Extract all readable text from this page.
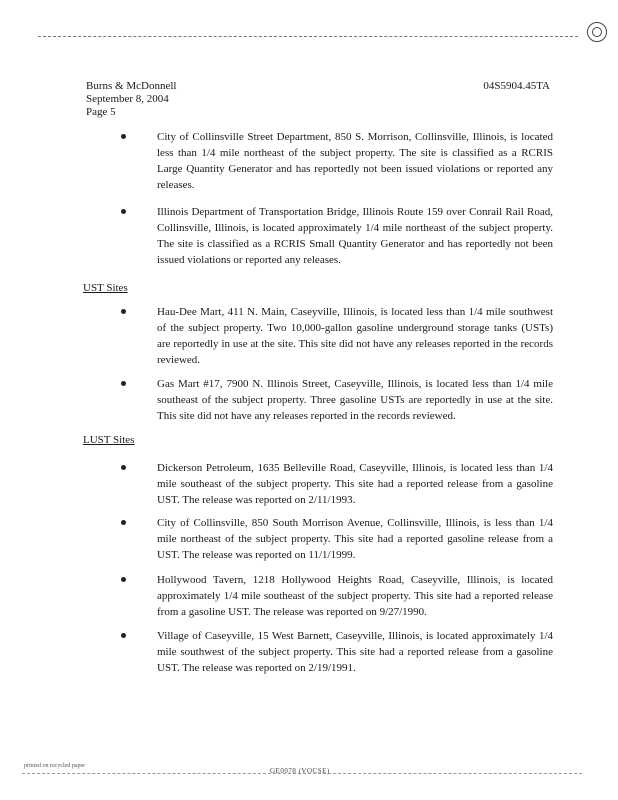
Burns & McDonnell
September 8, 2004
Page 5
04S5904.45TA
City of Collinsville Street Department, 850 S. Morrison, Collinsville, Illinois, is located less than 1/4 mile northeast of the subject property. The site is classified as a RCRIS Large Quantity Generator and has reportedly not been issued violations or reported any releases.
Illinois Department of Transportation Bridge, Illinois Route 159 over Conrail Rail Road, Collinsville, Illinois, is located approximately 1/4 mile northeast of the subject property. The site is classified as a RCRIS Small Quantity Generator and has reportedly not been issued violations or reported any releases.
UST Sites
Hau-Dee Mart, 411 N. Main, Caseyville, Illinois, is located less than 1/4 mile southwest of the subject property. Two 10,000-gallon gasoline underground storage tanks (USTs) are reportedly in use at the site. This site did not have any releases reported in the records reviewed.
Gas Mart #17, 7900 N. Illinois Street, Caseyville, Illinois, is located less than 1/4 mile southeast of the subject property. Three gasoline USTs are reportedly in use at the site. This site did not have any releases reported in the records reviewed.
LUST Sites
Dickerson Petroleum, 1635 Belleville Road, Caseyville, Illinois, is located less than 1/4 mile southeast of the subject property. This site had a reported release from a gasoline UST. The release was reported on 2/11/1993.
City of Collinsville, 850 South Morrison Avenue, Collinsville, Illinois, is less than 1/4 mile northeast of the subject property. This site had a reported gasoline release from a UST. The release was reported on 11/1/1999.
Hollywood Tavern, 1218 Hollywood Heights Road, Caseyville, Illinois, is located approximately 1/4 mile southeast of the subject property. This site had a reported release from a gasoline UST. The release was reported on 9/27/1990.
Village of Caseyville, 15 West Barnett, Caseyville, Illinois, is located approximately 1/4 mile southwest of the subject property. This site had a reported release from a gasoline UST. The release was reported on 2/19/1991.
printed on recycled paper
GE0078 (VOCSE)
